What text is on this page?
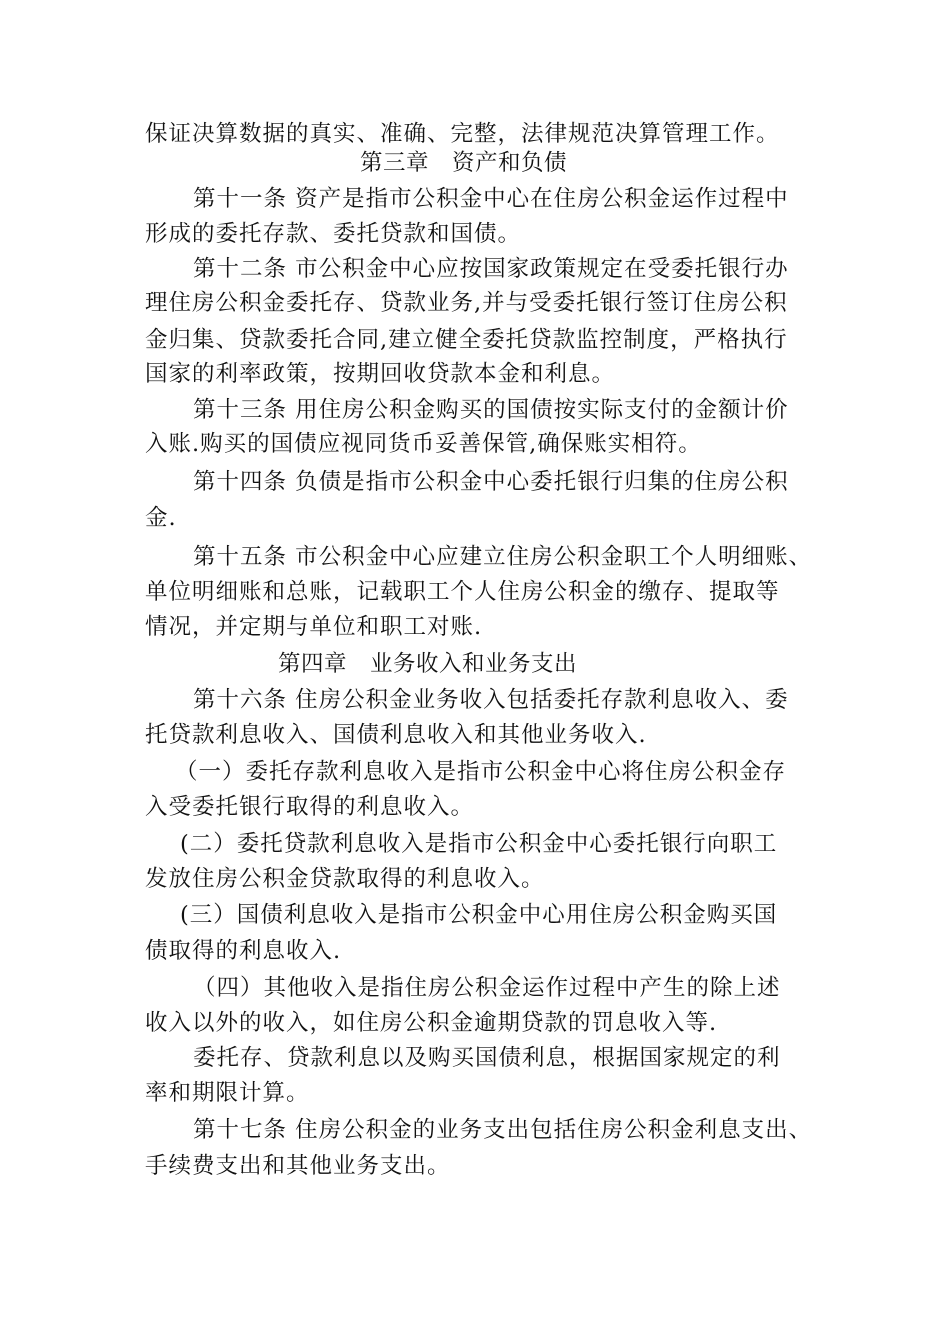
保证决算数据的真实、准确、完整，法律规范决算管理工作。
第三章　资产和负债
第十一条 资产是指市公积金中心在住房公积金运作过程中
形成的委托存款、委托贷款和国债。
第十二条 市公积金中心应按国家政策规定在受委托银行办
理住房公积金委托存、贷款业务,并与受委托银行签订住房公积
金归集、贷款委托合同,建立健全委托贷款监控制度，严格执行
国家的利率政策，按期回收贷款本金和利息。
第十三条 用住房公积金购买的国债按实际支付的金额计价
入账.购买的国债应视同货币妥善保管,确保账实相符。
第十四条 负债是指市公积金中心委托银行归集的住房公积
金.
第十五条 市公积金中心应建立住房公积金职工个人明细账、
单位明细账和总账，记载职工个人住房公积金的缴存、提取等
情况，并定期与单位和职工对账.
第四章　业务收入和业务支出
第十六条 住房公积金业务收入包括委托存款利息收入、委
托贷款利息收入、国债利息收入和其他业务收入.
（一）委托存款利息收入是指市公积金中心将住房公积金存
入受委托银行取得的利息收入。
(二）委托贷款利息收入是指市公积金中心委托银行向职工
发放住房公积金贷款取得的利息收入。
(三）国债利息收入是指市公积金中心用住房公积金购买国
债取得的利息收入.
（四）其他收入是指住房公积金运作过程中产生的除上述
收入以外的收入，如住房公积金逾期贷款的罚息收入等.
委托存、贷款利息以及购买国债利息，根据国家规定的利
率和期限计算。
第十七条 住房公积金的业务支出包括住房公积金利息支出、
手续费支出和其他业务支出。
